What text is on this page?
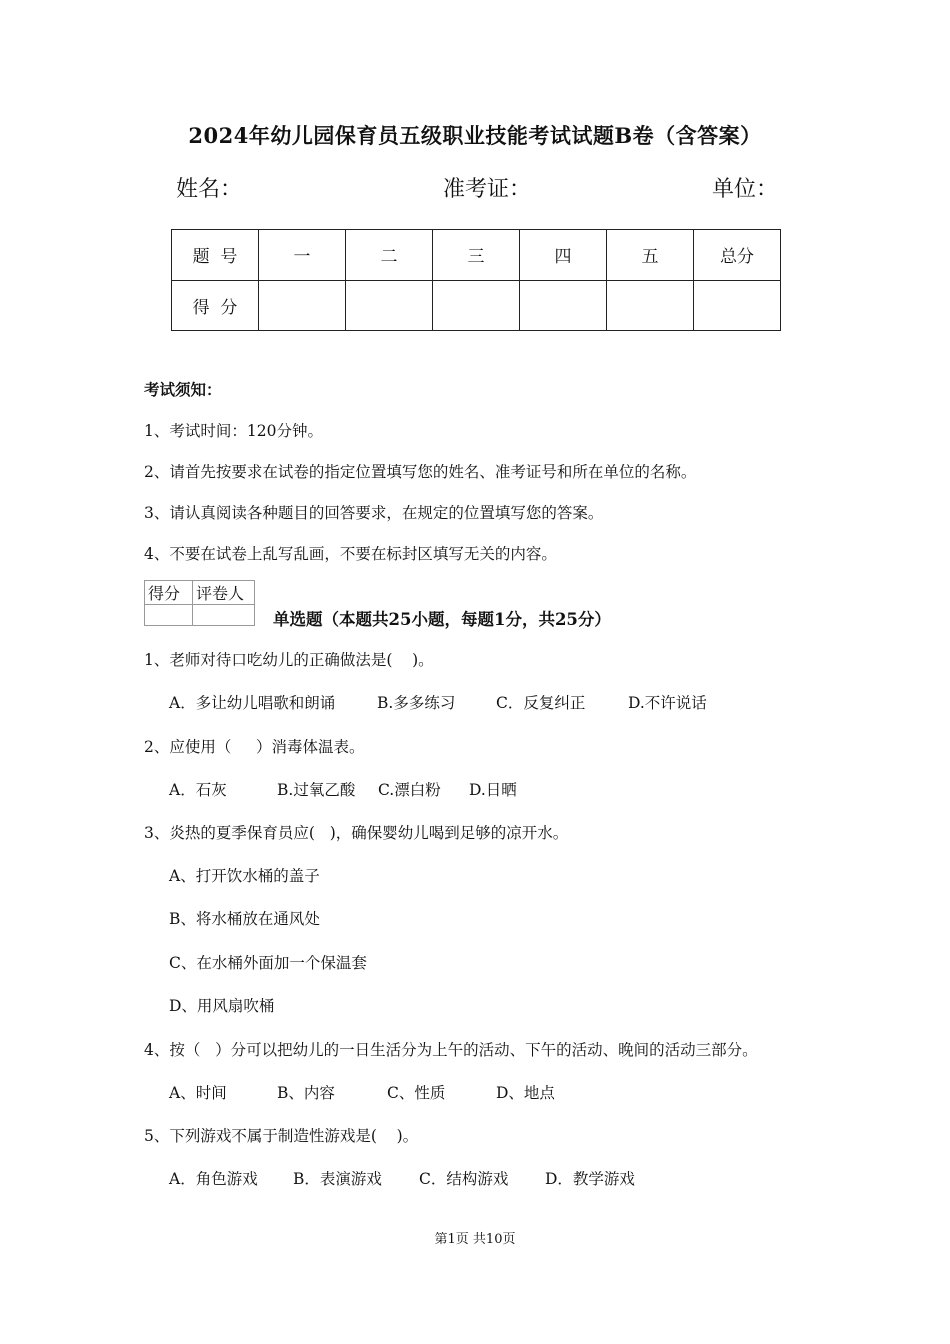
2024年幼儿园保育员五级职业技能考试试题B卷（含答案）
姓名：	准考证：	单位：
题  号	一	二	三	四	五	总分
得  分						
考试须知：
1、考试时间：120分钟。
2、请首先按要求在试卷的指定位置填写您的姓名、准考证号和所在单位的名称。
3、请认真阅读各种题目的回答要求，在规定的位置填写您的答案。
4、不要在试卷上乱写乱画，不要在标封区填写无关的内容。
得分	评卷人

单选题（本题共25小题，每题1分，共25分）
1、老师对待口吃幼儿的正确做法是(    )。
A．多让幼儿唱歌和朗诵	B.多多练习	C．反复纠正	D.不许说话
2、应使用（     ）消毒体温表。
A．石灰	B.过氧乙酸 C.漂白粉 D.日晒
3、炎热的夏季保育员应(   )，确保婴幼儿喝到足够的凉开水。
A、打开饮水桶的盖子
B、将水桶放在通风处
C、在水桶外面加一个保温套
D、用风扇吹桶
4、按（   ）分可以把幼儿的一日生活分为上午的活动、下午的活动、晚间的活动三部分。
A、时间	B、内容	C、性质	D、地点
5、下列游戏不属于制造性游戏是(    )。
A．角色游戏 B．表演游戏 C．结构游戏 D．教学游戏
第1页 共10页
